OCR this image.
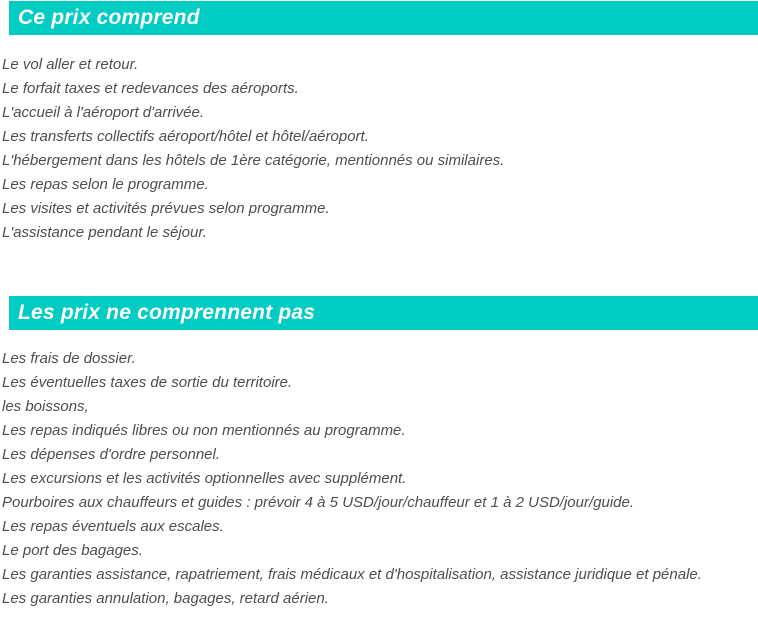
Ce prix comprend

Le vol aller et retour.

Le forfait taxes et redevances des aéroports.

L'accueil à l'aéroport d'arrivée.

Les transferts collectifs aéroport/hôtel et hôtel/aéroport.

L'hébergement dans les hôtels de 1ère catégorie, mentionnés ou similaires.

Les repas selon le programme.

Les visites et activités prévues selon programme.

L'assistance pendant le séjour.

Les prix ne comprennent pas

Les frais de dossier.

Les éventuelles taxes de sortie du territoire.

les boissons,

Les repas indiqués libres ou non mentionnés au programme.

Les dépenses d'ordre personnel.

Les excursions et les activités optionnelles avec supplément.

Pourboires aux chauffeurs et guides : prévoir 4 à 5 USD/jour/chauffeur et 1 à 2 USD/jour/guide.

Les repas éventuels aux escales.

Le port des bagages.

Les garanties assistance, rapatriement, frais médicaux et d'hospitalisation, assistance juridique et pénale.

Les garanties annulation, bagages, retard aérien.
